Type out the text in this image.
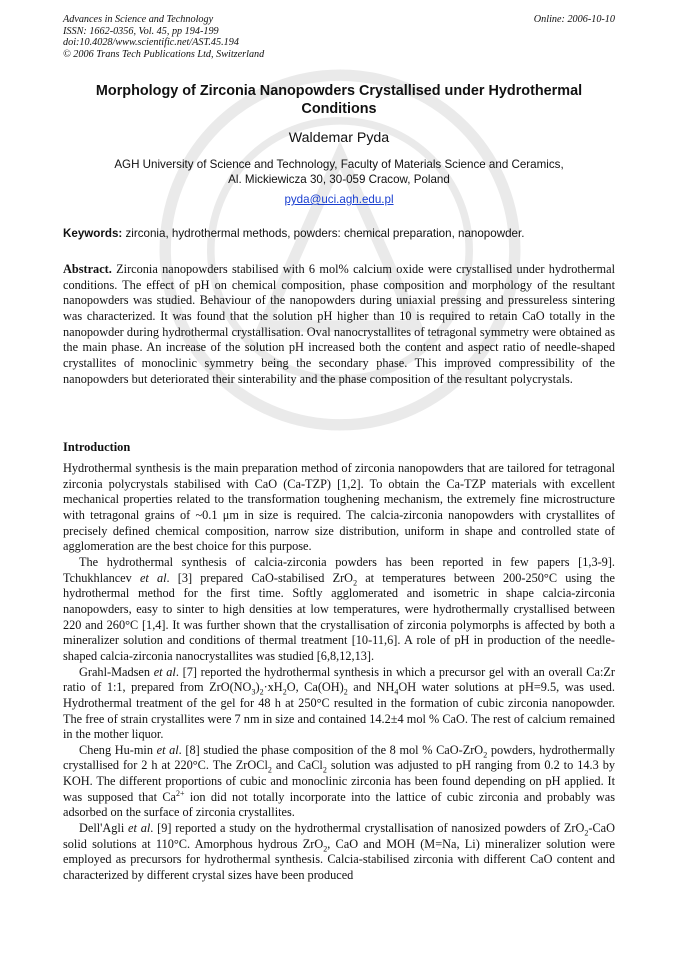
Advances in Science and Technology
ISSN: 1662-0356, Vol. 45, pp 194-199
doi:10.4028/www.scientific.net/AST.45.194
© 2006 Trans Tech Publications Ltd, Switzerland
Online: 2006-10-10
Morphology of Zirconia Nanopowders Crystallised under Hydrothermal Conditions
Waldemar Pyda
AGH University of Science and Technology, Faculty of Materials Science and Ceramics,
Al. Mickiewicza 30, 30-059 Cracow, Poland
pyda@uci.agh.edu.pl
Keywords: zirconia, hydrothermal methods, powders: chemical preparation, nanopowder.
Abstract. Zirconia nanopowders stabilised with 6 mol% calcium oxide were crystallised under hydrothermal conditions. The effect of pH on chemical composition, phase composition and morphology of the resultant nanopowders was studied. Behaviour of the nanopowders during uniaxial pressing and pressureless sintering was characterized. It was found that the solution pH higher than 10 is required to retain CaO totally in the nanopowder during hydrothermal crystallisation. Oval nanocrystallites of tetragonal symmetry were obtained as the main phase. An increase of the solution pH increased both the content and aspect ratio of needle-shaped crystallites of monoclinic symmetry being the secondary phase. This improved compressibility of the nanopowders but deteriorated their sinterability and the phase composition of the resultant polycrystals.
Introduction

Hydrothermal synthesis is the main preparation method of zirconia nanopowders that are tailored for tetragonal zirconia polycrystals stabilised with CaO (Ca-TZP) [1,2]. To obtain the Ca-TZP materials with excellent mechanical properties related to the transformation toughening mechanism, the extremely fine microstructure with tetragonal grains of ~0.1 μm in size is required. The calcia-zirconia nanopowders with crystallites of precisely defined chemical composition, narrow size distribution, uniform in shape and controlled state of agglomeration are the best choice for this purpose.

The hydrothermal synthesis of calcia-zirconia powders has been reported in few papers [1,3-9]. Tchukhlancev et al. [3] prepared CaO-stabilised ZrO$_2$ at temperatures between 200-250°C using the hydrothermal method for the first time. Softly agglomerated and isometric in shape calcia-zirconia nanopowders, easy to sinter to high densities at low temperatures, were hydrothermally crystallised between 220 and 260°C [1,4]. It was further shown that the crystallisation of zirconia polymorphs is affected by both a mineralizer solution and conditions of thermal treatment [10-11,6]. A role of pH in production of the needle-shaped calcia-zirconia nanocrystallites was studied [6,8,12,13].

Grahl-Madsen et al. [7] reported the hydrothermal synthesis in which a precursor gel with an overall Ca:Zr ratio of 1:1, prepared from $ZrO(NO_3)_2\cdot xH_2O$, $Ca(OH)_2$ and $NH_4OH$ water solutions at pH=9.5, was used. Hydrothermal treatment of the gel for 48 h at 250°C resulted in the formation of cubic zirconia nanopowder. The free of strain crystallites were 7 nm in size and contained 14.2±4 mol % CaO. The rest of calcium remained in the mother liquor.

Cheng Hu-min et al. [8] studied the phase composition of the 8 mol % CaO-ZrO$_2$ powders, hydrothermally crystallised for 2 h at 220°C. The ZrOCl$_2$ and CaCl$_2$ solution was adjusted to pH ranging from 0.2 to 14.3 by KOH. The different proportions of cubic and monoclinic zirconia has been found depending on pH applied. It was supposed that $Ca^{2+}$ ion did not totally incorporate into the lattice of cubic zirconia and probably was adsorbed on the surface of zirconia crystallites.

Dell'Agli et al. [9] reported a study on the hydrothermal crystallisation of nanosized powders of ZrO$_2$-CaO solid solutions at 110°C. Amorphous hydrous ZrO$_2$, CaO and MOH (M=Na, Li) mineralizer solution were employed as precursors for hydrothermal synthesis. Calcia-stabilised zirconia with different CaO content and characterized by different crystal sizes have been produced
